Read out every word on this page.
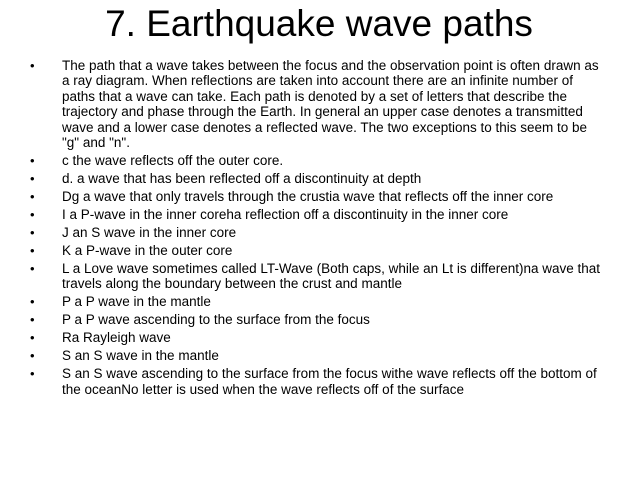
7. Earthquake wave paths
• The path that a wave takes between the focus and the observation point is often drawn as a ray diagram. When reflections are taken into account there are an infinite number of paths that a wave can take. Each path is denoted by a set of letters that describe the trajectory and phase through the Earth. In general an upper case denotes a transmitted wave and a lower case denotes a reflected wave. The two exceptions to this seem to be "g" and "n".
• c the wave reflects off the outer core.
• d. a wave that has been reflected off a discontinuity at depth
• Dg a wave that only travels through the crustia wave that reflects off the inner core
• I a P-wave in the inner coreha reflection off a discontinuity in the inner core
• J an S wave in the inner core
• K a P-wave in the outer core
• L a Love wave sometimes called LT-Wave (Both caps, while an Lt is different)na wave that travels along the boundary between the crust and mantle
• P a P wave in the mantle
• P a P wave ascending to the surface from the focus
• Ra Rayleigh wave
• S an S wave in the mantle
• S an S wave ascending to the surface from the focus withe wave reflects off the bottom of the oceanNo letter is used when the wave reflects off of the surface
